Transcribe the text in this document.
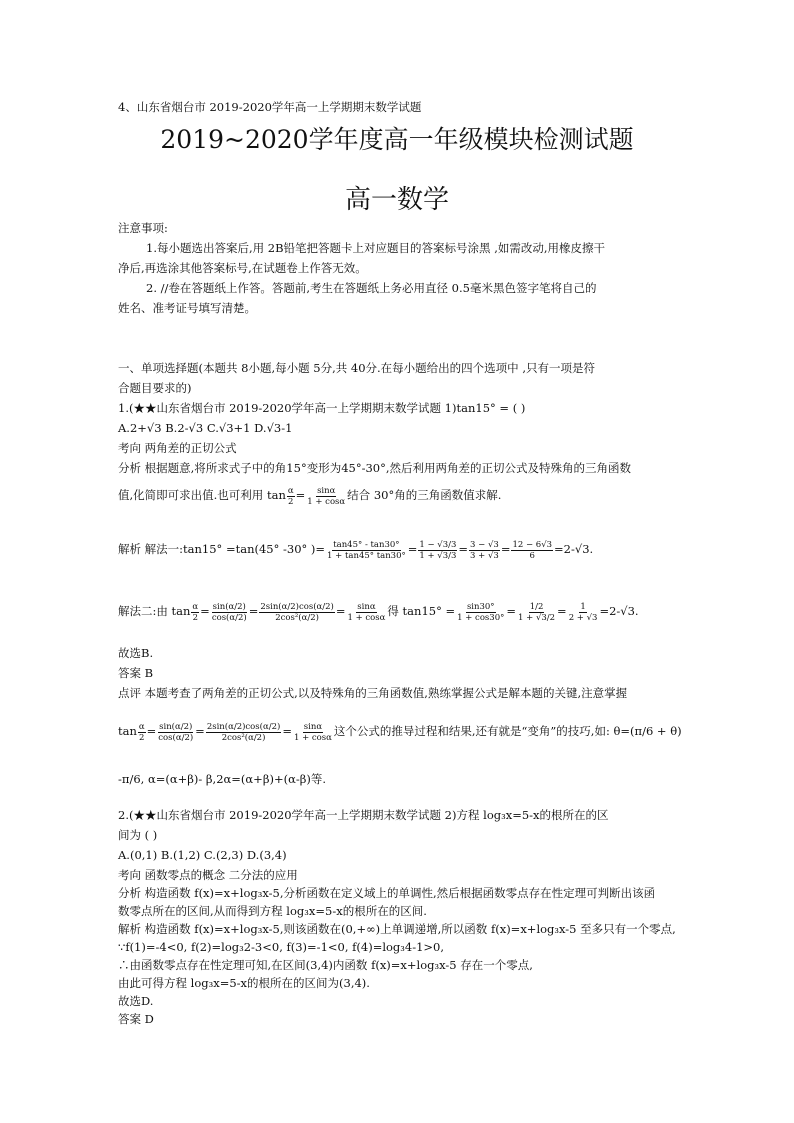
4、山东省烟台市 2019-2020学年高一上学期期末数学试题
2019~2020学年度高一年级模块检测试题
高一数学
注意事项:
1.每小题选出答案后,用 2B铅笔把答题卡上对应题目的答案标号涂黑 ,如需改动,用橡皮擦干
净后,再选涂其他答案标号,在试题卷上作答无效。
2. //卷在答题纸上作答。答题前,考生在答题纸上务必用直径 0.5毫米黑色签字笔将自己的
姓名、准考证号填写清楚。
一、单项选择题(本题共 8小题,每小题 5分,共 40分.在每小题给出的四个选项中 ,只有一项是符
合题目要求的)
1.(★★山东省烟台市 2019-2020学年高一上学期期末数学试题 1)tan15° = ( )
A.2+√3 B.2-√3 C.√3+1 D.√3-1
考向 两角差的正切公式
分析 根据题意,将所求式子中的角15°变形为45°-30°,然后利用两角差的正切公式及特殊角的三角函数
值,化简即可求出值.也可利用 $\tan \frac{\alpha}{2} = \frac{\sin\alpha}{1 + \cos\alpha}$ 结合 30°角的三角函数值求解.
解析 解法一:tan15° =tan(45° -30° )= $\frac{\tan 45^\circ - \tan 30^\circ}{1 + \tan 45^\circ \tan 30^\circ} = \frac{1 - √3/3}{1 + √3/3} = \frac{3 - √3}{3 + √3} = \frac{12 - 6√3}{6} =2-√3$.
解法二:由 $\tan \frac{\alpha}{2} = \frac{\sin(\alpha/2)}{\cos(\alpha/2)} = \frac{2\sin(\alpha/2)\cos(\alpha/2)}{\text{2cos²(α/2)}} = \frac{\sin\alpha}{1 + \cos\alpha}$ 得 $\tan 15^\circ = \frac{\sin 30^\circ}{1 + \cos 30^\circ} = \frac{1/2}{1 + √3/2} = \frac{1}{2 + √3} =2-√3$.
故选B.
答案 B
点评 本题考查了两角差的正切公式,以及特殊角的三角函数值,熟练掌握公式是解本题的关键,注意掌握
$\tan \frac{\alpha}{2} = \frac{\sin(\alpha/2)}{\cos(\alpha/2)} = \frac{2\sin(\alpha/2)\cos(\alpha/2)}{\text{2cos²(α/2)}} = \frac{\sin\alpha}{1 + \cos\alpha}$ 这个公式的推导过程和结果,还有就是“变角”的技巧,如: θ=(π/6 + θ)
-π/6, α=(α+β)- β,2α=(α+β)+(α-β)等.
2.(★★山东省烟台市 2019-2020学年高一上学期期末数学试题 2)方程 log₃x=5-x的根所在的区
间为 ( )
A.(0,1) B.(1,2) C.(2,3) D.(3,4)
考向 函数零点的概念 二分法的应用
分析 构造函数 f(x)=x+log₃x-5,分析函数在定义域上的单调性,然后根据函数零点存在性定理可判断出该函
数零点所在的区间,从而得到方程 log₃x=5-x的根所在的区间.
解析 构造函数 f(x)=x+log₃x-5,则该函数在(0,+∞)上单调递增,所以函数 f(x)=x+log₃x-5 至多只有一个零点,
∵f(1)=-4<0, f(2)=log₃2-3<0, f(3)=-1<0, f(4)=log₃4-1>0,
∴由函数零点存在性定理可知,在区间(3,4)内函数 f(x)=x+log₃x-5 存在一个零点,
由此可得方程 log₃x=5-x的根所在的区间为(3,4).
故选D.
答案 D
